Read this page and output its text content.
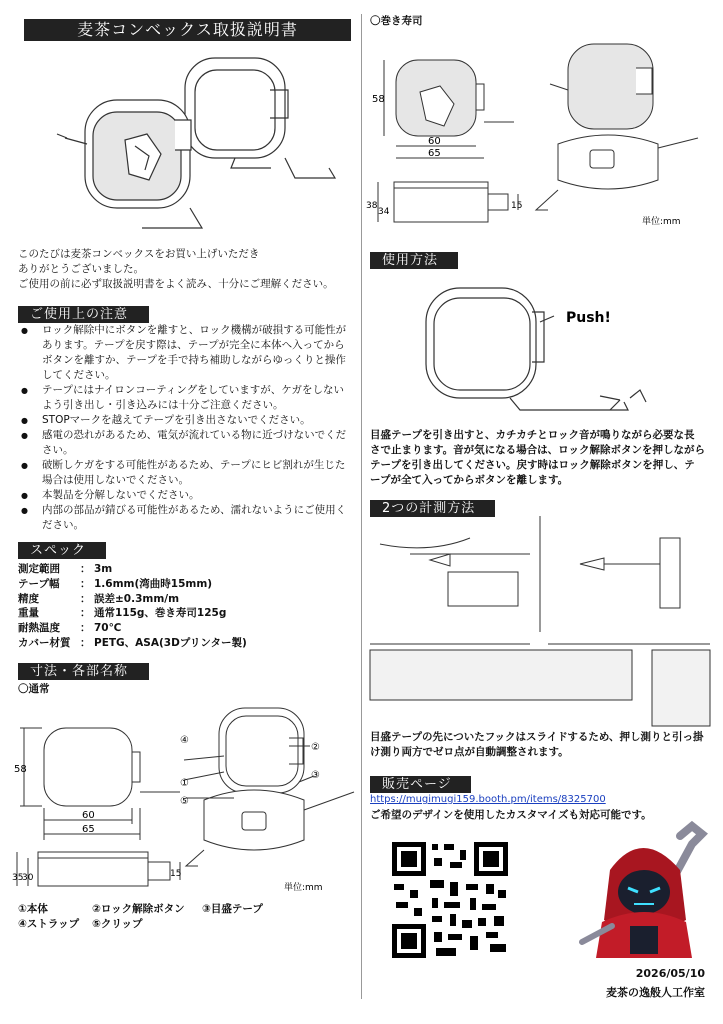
麦茶コンベックス取扱説明書
このたびは麦茶コンベックスをお買い上げいただき
ありがとうございました。
ご使用の前に必ず取扱説明書をよく読み、十分にご理解ください。
ご使用上の注意
● ロック解除中にボタンを離すと、ロック機構が破損する可能性があります。テープを戻す際は、テープが完全に本体へ入ってからボタンを離すか、テープを手で持ち補助しながらゆっくりと操作してください。
● テープにはナイロンコーティングをしていますが、ケガをしないよう引き出し・引き込みには十分ご注意ください。
● STOPマークを越えてテープを引き出さないでください。
● 感電の恐れがあるため、電気が流れている物に近づけないでください。
● 破断しケガをする可能性があるため、テープにヒビ割れが生じた場合は使用しないでください。
● 本製品を分解しないでください。
● 内部の部品が錆びる可能性があるため、濡れないようにご使用ください。
スペック
測定範囲	： 3m
テープ幅	： 1.6mm(湾曲時15mm)
精度	： 誤差±0.3mm/m
重量	： 通常115g、巻き寿司125g
耐熱温度	： 70℃
カバー材質 ： PETG、ASA(3Dプリンター製)
寸法・各部名称
〇通常
58
60
65
35
30	15
④
①
⑤
②
③
単位:mm
①本体	②ロック解除ボタン	③目盛テープ
④ストラップ	⑤クリップ
〇巻き寿司
58
60
65
38
34
15
単位:mm
使用方法
Push!
目盛テープを引き出すと、カチカチとロック音が鳴りながら必要な長さで止まります。音が気になる場合は、ロック解除ボタンを押しながらテープを引き出してください。戻す時はロック解除ボタンを押し、テープが全て入ってからボタンを離します。
2つの計測方法
目盛テープの先についたフックはスライドするため、押し測りと引っ掛け測り両方でゼロ点が自動調整されます。
販売ページ
https://mugimugi159.booth.pm/items/8325700
ご希望のデザインを使用したカスタマイズも対応可能です。
2026/05/10
麦茶の逸般人工作室
